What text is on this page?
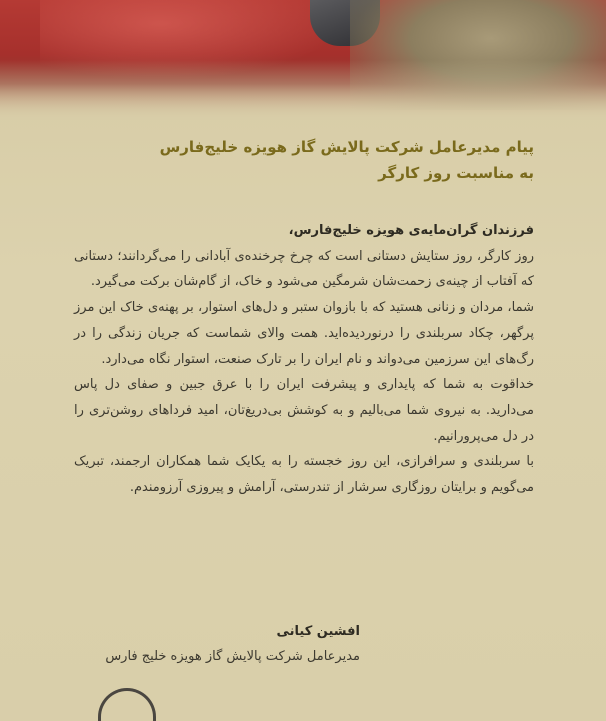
پیام مدیرعامل شرکت پالایش گاز هویزه خلیج‌فارس
به مناسبت روز کارگر

فرزندان گران‌مایه‌ی هویزه خلیج‌فارس،

روز کارگر، روز ستایش دستانی است که چرخ چرخنده‌ی آبادانی را می‌گردانند؛ دستانی که آفتاب از چینه‌ی زحمت‌شان شرمگین می‌شود و خاک، از گام‌شان برکت می‌گیرد.

شما، مردان و زنانی هستید که با بازوان ستبر و دل‌های استوار، بر پهنه‌ی خاک این مرز پرگهر، چکاد سربلندی را درنوردیده‌اید. همت والای شماست که جریان زندگی را در رگ‌های این سرزمین می‌دواند و نام ایران را بر تارک صنعت، استوار نگاه می‌دارد.

خداقوت به شما که پایداری و پیشرفت ایران را با عرق جبین و صفای دل پاس می‌دارید. به نیروی شما می‌بالیم و به کوشش بی‌دریغ‌تان، امید فرداهای روشن‌تری را در دل می‌پرورانیم.

با سربلندی و سرافرازی، این روز خجسته را به یکایک شما همکاران ارجمند، تبریک می‌گویم و برایتان روزگاری سرشار از تندرستی، آرامش و پیروزی آرزومندم.

افشین کیانی
مدیرعامل شرکت پالایش گاز هویزه خلیج فارس
